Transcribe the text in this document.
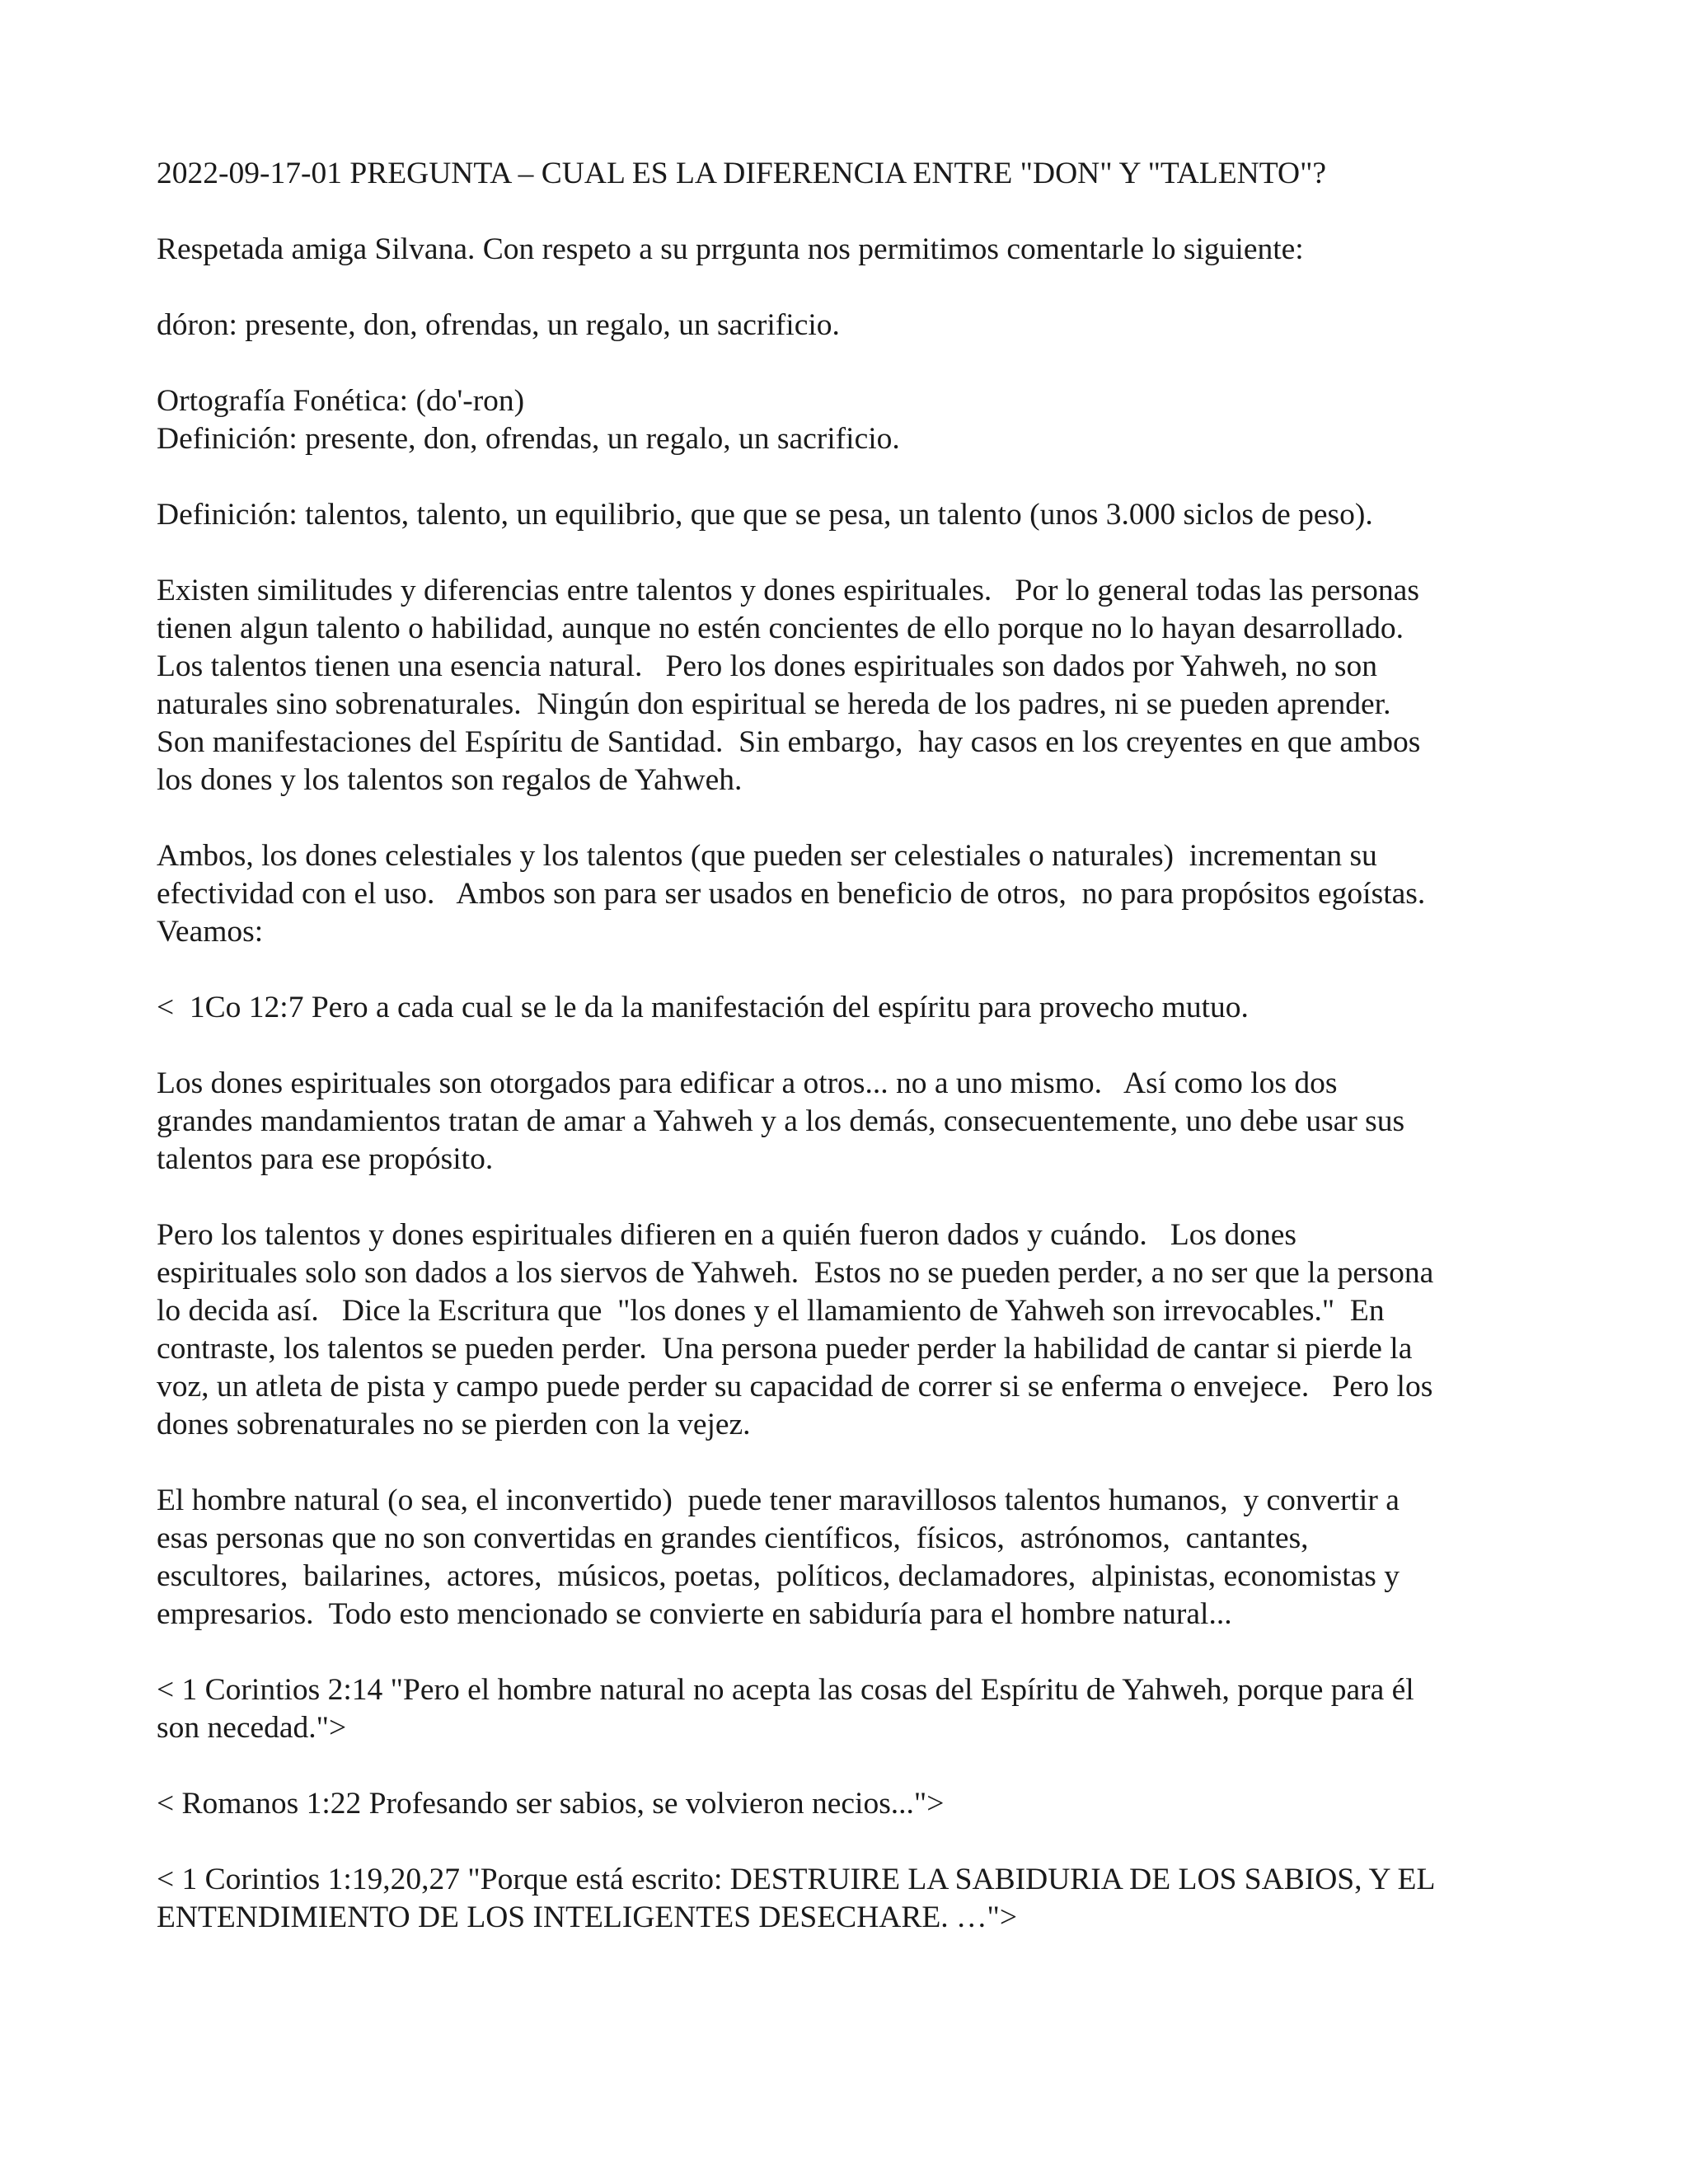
2022-09-17-01 PREGUNTA – CUAL ES LA DIFERENCIA ENTRE "DON" Y "TALENTO"?
Respetada amiga Silvana. Con respeto a su prrgunta nos permitimos comentarle lo siguiente:
dóron: presente, don, ofrendas, un regalo, un sacrificio.
Ortografía Fonética: (do'-ron)
Definición: presente, don, ofrendas, un regalo, un sacrificio.
Definición: talentos, talento, un equilibrio, que que se pesa, un talento (unos 3.000 siclos de peso).
Existen similitudes y diferencias entre talentos y dones espirituales.   Por lo general todas las personas
tienen algun talento o habilidad, aunque no estén concientes de ello porque no lo hayan desarrollado.
Los talentos tienen una esencia natural.   Pero los dones espirituales son dados por Yahweh, no son
naturales sino sobrenaturales.  Ningún don espiritual se hereda de los padres, ni se pueden aprender.
Son manifestaciones del Espíritu de Santidad.  Sin embargo,  hay casos en los creyentes en que ambos
los dones y los talentos son regalos de Yahweh.
Ambos, los dones celestiales y los talentos (que pueden ser celestiales o naturales)  incrementan su
efectividad con el uso.   Ambos son para ser usados en beneficio de otros,  no para propósitos egoístas.
Veamos:
<  1Co 12:7 Pero a cada cual se le da la manifestación del espíritu para provecho mutuo.
Los dones espirituales son otorgados para edificar a otros... no a uno mismo.   Así como los dos
grandes mandamientos tratan de amar a Yahweh y a los demás, consecuentemente, uno debe usar sus
talentos para ese propósito.
Pero los talentos y dones espirituales difieren en a quién fueron dados y cuándo.   Los dones
espirituales solo son dados a los siervos de Yahweh.  Estos no se pueden perder, a no ser que la persona
lo decida así.   Dice la Escritura que  "los dones y el llamamiento de Yahweh son irrevocables."  En
contraste, los talentos se pueden perder.  Una persona pueder perder la habilidad de cantar si pierde la
voz, un atleta de pista y campo puede perder su capacidad de correr si se enferma o envejece.   Pero los
dones sobrenaturales no se pierden con la vejez.
El hombre natural (o sea, el inconvertido)  puede tener maravillosos talentos humanos,  y convertir a
esas personas que no son convertidas en grandes científicos,  físicos,  astrónomos,  cantantes,
escultores,  bailarines,  actores,  músicos, poetas,  políticos, declamadores,  alpinistas, economistas y
empresarios.  Todo esto mencionado se convierte en sabiduría para el hombre natural...
< 1 Corintios 2:14 "Pero el hombre natural no acepta las cosas del Espíritu de Yahweh, porque para él
son necedad.">
< Romanos 1:22 Profesando ser sabios, se volvieron necios...">
< 1 Corintios 1:19,20,27 "Porque está escrito: DESTRUIRE LA SABIDURIA DE LOS SABIOS, Y EL
ENTENDIMIENTO DE LOS INTELIGENTES DESECHARE. …">
